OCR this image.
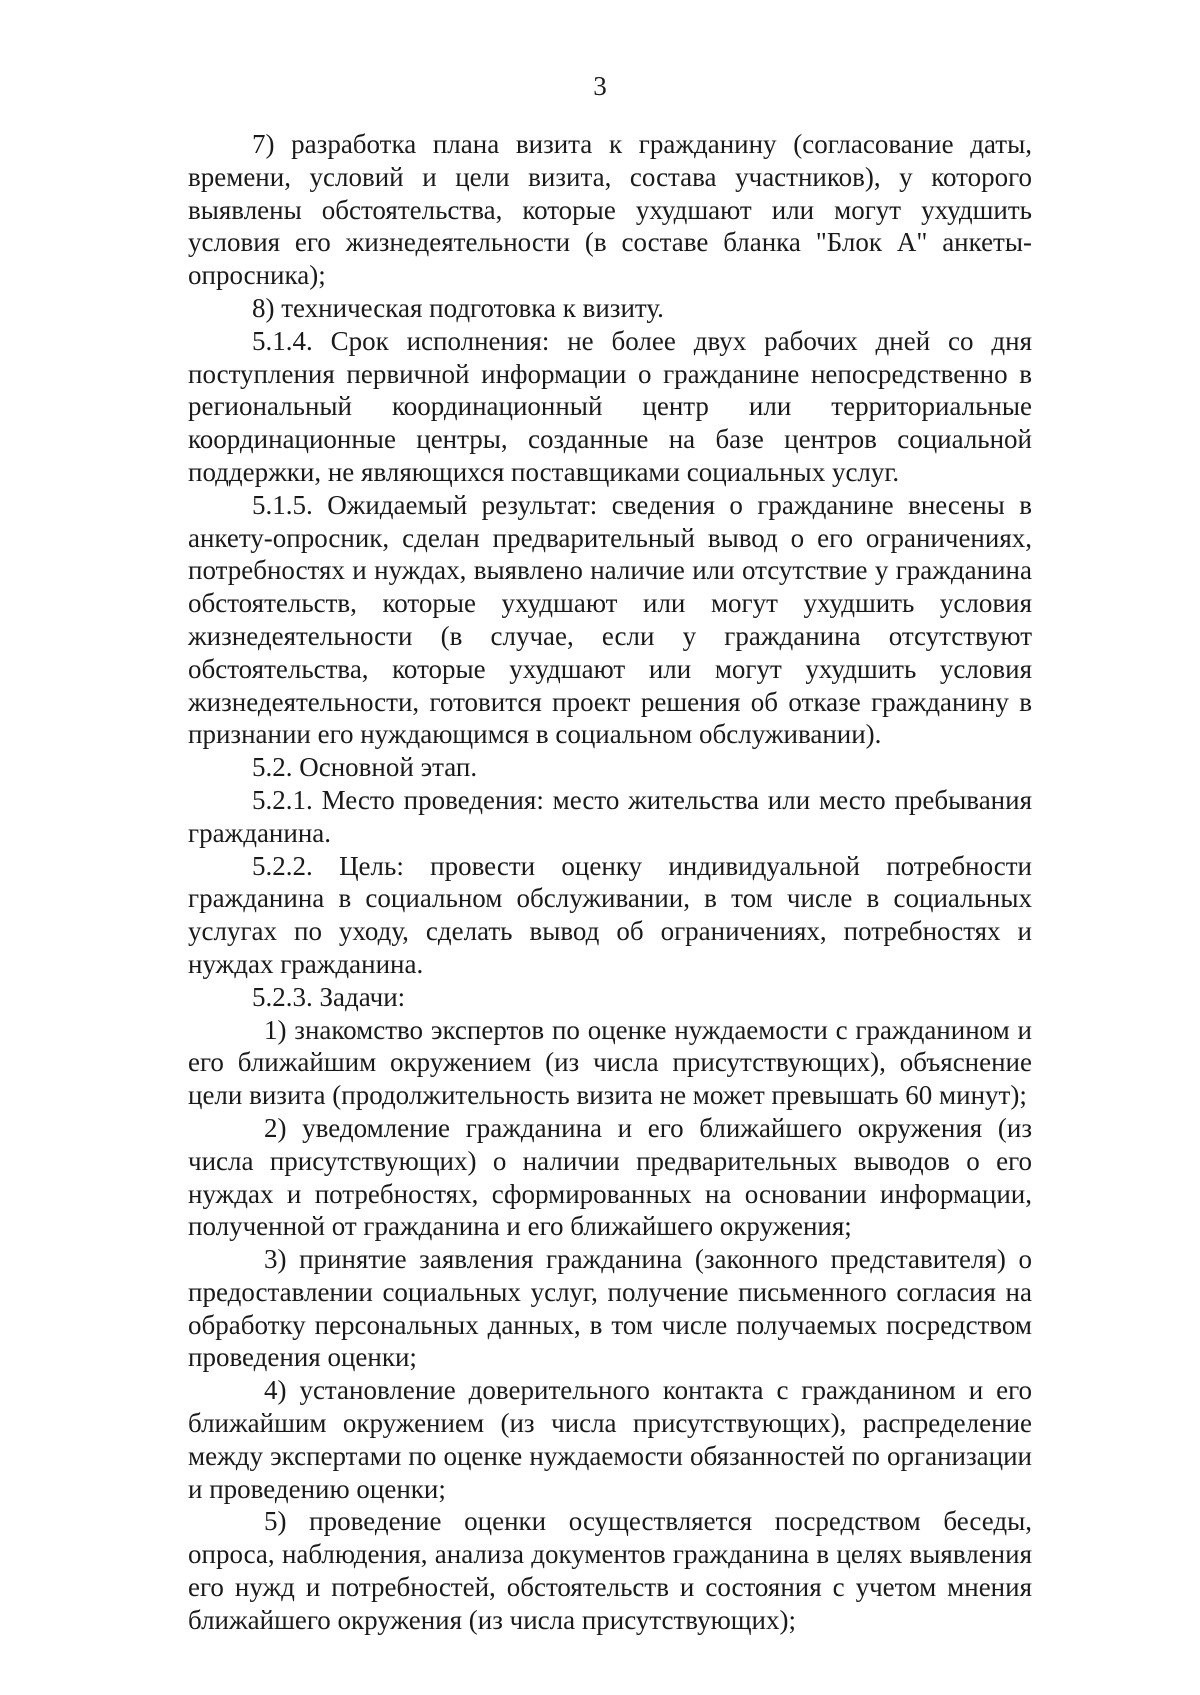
3

7) разработка плана визита к гражданину (согласование даты, времени, условий и цели визита, состава участников), у которого выявлены обстоятельства, которые ухудшают или могут ухудшить условия его жизнедеятельности (в составе бланка "Блок А" анкеты-опросника);

8) техническая подготовка к визиту.

5.1.4. Срок исполнения: не более двух рабочих дней со дня поступления первичной информации о гражданине непосредственно в региональный координационный центр или территориальные координационные центры, созданные на базе центров социальной поддержки, не являющихся поставщиками социальных услуг.

5.1.5. Ожидаемый результат: сведения о гражданине внесены в анкету-опросник, сделан предварительный вывод о его ограничениях, потребностях и нуждах, выявлено наличие или отсутствие у гражданина обстоятельств, которые ухудшают или могут ухудшить условия жизнедеятельности (в случае, если у гражданина отсутствуют обстоятельства, которые ухудшают или могут ухудшить условия жизнедеятельности, готовится проект решения об отказе гражданину в признании его нуждающимся в социальном обслуживании).

5.2. Основной этап.

5.2.1. Место проведения: место жительства или место пребывания гражданина.

5.2.2. Цель: провести оценку индивидуальной потребности гражданина в социальном обслуживании, в том числе в социальных услугах по уходу, сделать вывод об ограничениях, потребностях и нуждах гражданина.

5.2.3. Задачи:

1) знакомство экспертов по оценке нуждаемости с гражданином и его ближайшим окружением (из числа присутствующих), объяснение цели визита (продолжительность визита не может превышать 60 минут);

2) уведомление гражданина и его ближайшего окружения (из числа присутствующих) о наличии предварительных выводов о его нуждах и потребностях, сформированных на основании информации, полученной от гражданина и его ближайшего окружения;

3) принятие заявления гражданина (законного представителя) о предоставлении социальных услуг, получение письменного согласия на обработку персональных данных, в том числе получаемых посредством проведения оценки;

4) установление доверительного контакта с гражданином и его ближайшим окружением (из числа присутствующих), распределение между экспертами по оценке нуждаемости обязанностей по организации и проведению оценки;

5) проведение оценки осуществляется посредством беседы, опроса, наблюдения, анализа документов гражданина в целях выявления его нужд и потребностей, обстоятельств и состояния с учетом мнения ближайшего окружения (из числа присутствующих);
